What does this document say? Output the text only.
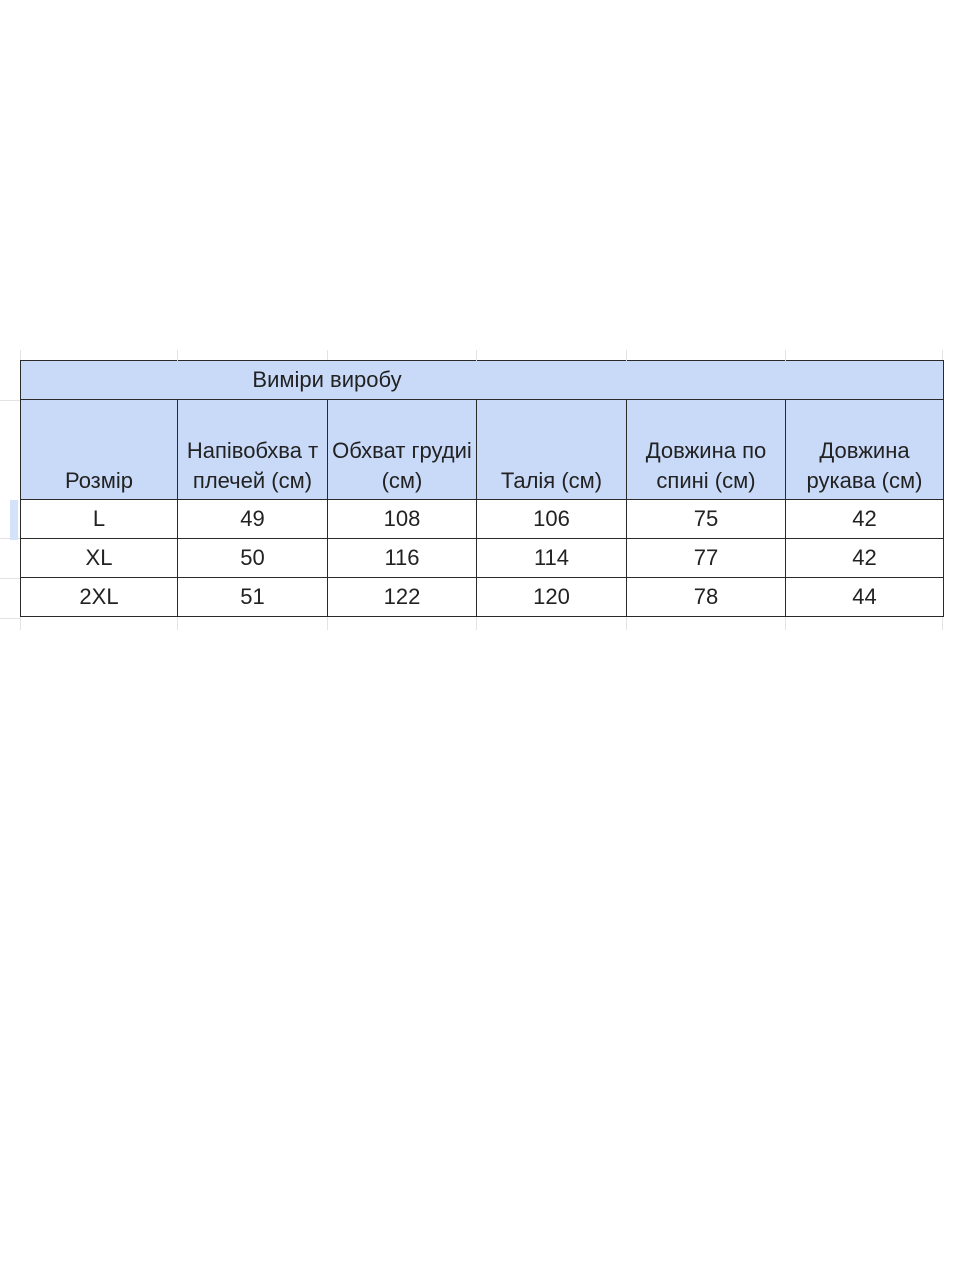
	Виміри виробу				
Розмір	Напівобхва т плечей (см)	Обхват грудиі (см)	Талія (см)	Довжина по спині (см)	Довжина рукава (см)
L	49	108	106	75	42
XL	50	116	114	77	42
2XL	51	122	120	78	44
